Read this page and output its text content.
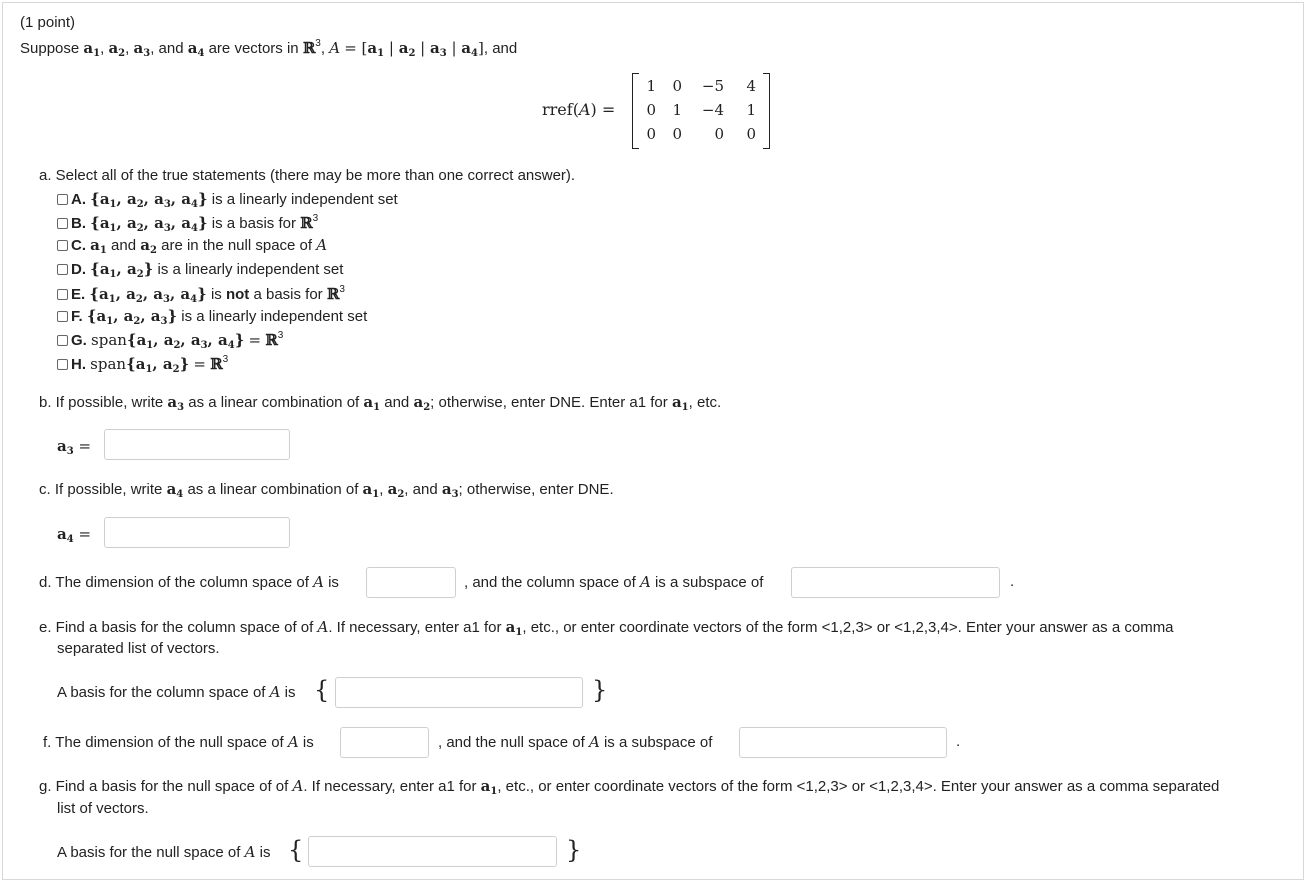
(1 point)
Suppose $a_1$, $a_2$, $a_3$, and $a_4$ are vectors in ℝ$^3$, $A = [a_1$ | $a_2$ | $a_3$ | $a_4$], and
rref(A) =
1	0	−5	4
0	1	−4	1
0	0	0	0
a. Select all of the true statements (there may be more than one correct answer).
A. {$a_1$, $a_2$, $a_3$, $a_4$} is a linearly independent set
B. {$a_1$, $a_2$, $a_3$, $a_4$} is a basis for ℝ$^3$
C. $a_1$ and $a_2$ are in the null space of A
D. {$a_1$, $a_2$} is a linearly independent set
E. {$a_1$, $a_2$, $a_3$, $a_4$} is not a basis for ℝ$^3$
F. {$a_1$, $a_2$, $a_3$} is a linearly independent set
G. $span\{a_1$, $a_2$, $a_3$, $a_4$} = ℝ$^3$
H. $span\{a_1$, $a_2$} = ℝ$^3$
b. If possible, write $a_3$ as a linear combination of $a_1$ and $a_2$; otherwise, enter DNE. Enter a1 for $a_1$, etc.
$a_3$ =
c. If possible, write $a_4$ as a linear combination of $a_1$, $a_2$, and $a_3$; otherwise, enter DNE.
$a_4$ =
d. The dimension of the column space of A is	, and the column space of A is a subspace of	.
e. Find a basis for the column space of of A. If necessary, enter a1 for $a_1$, etc., or enter coordinate vectors of the form <1,2,3> or <1,2,3,4>. Enter your answer as a comma
separated list of vectors.
A basis for the column space of A is {	}
f. The dimension of the null space of A is	, and the null space of A is a subspace of	.
g. Find a basis for the null space of of A. If necessary, enter a1 for $a_1$, etc., or enter coordinate vectors of the form <1,2,3> or <1,2,3,4>. Enter your answer as a comma separated
list of vectors.
A basis for the null space of A is {	}
